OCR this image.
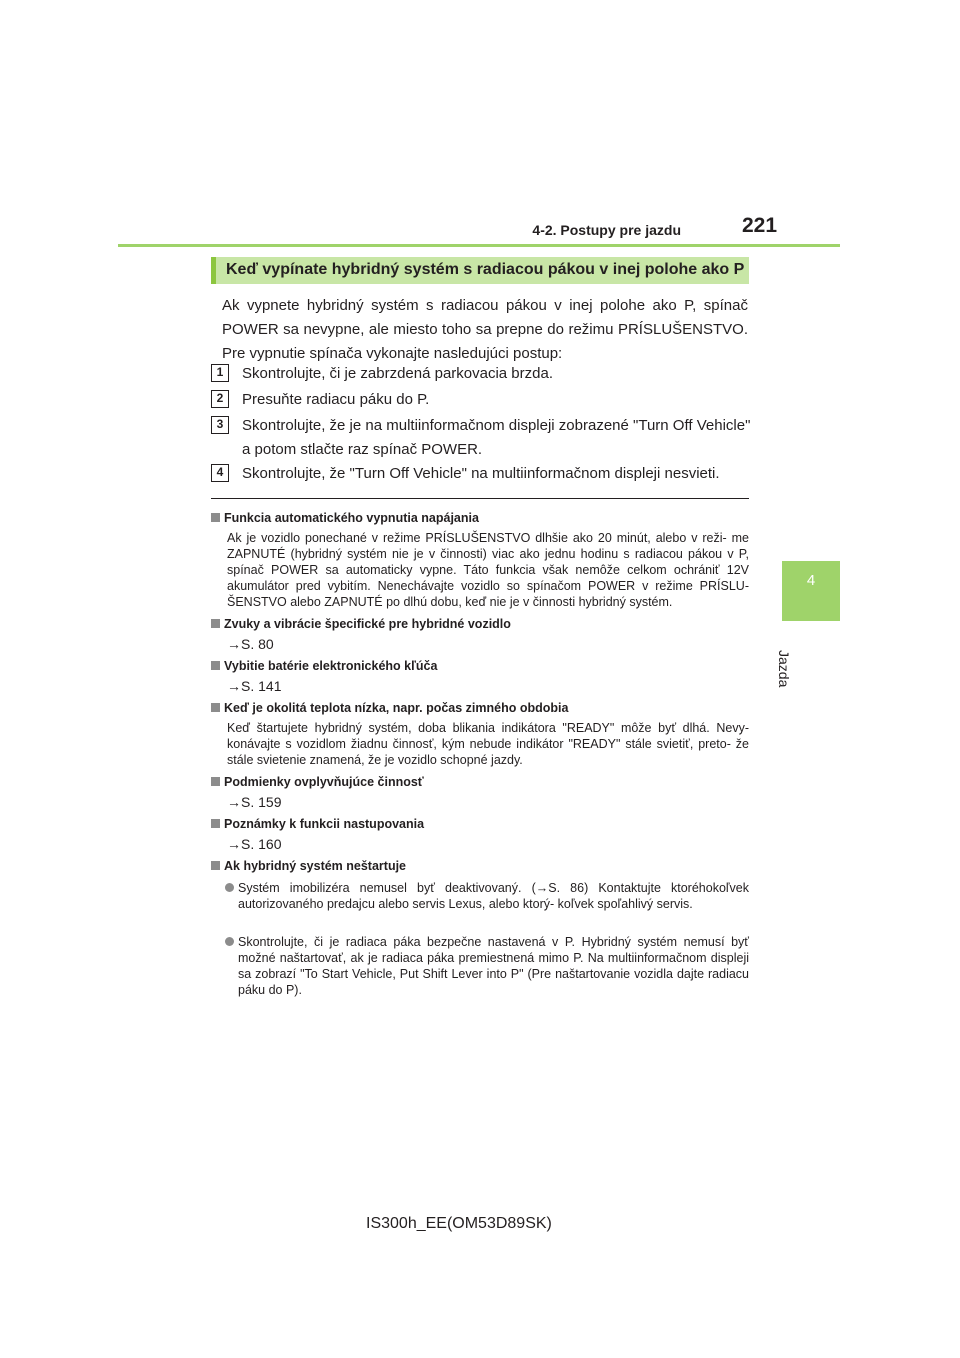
4-2. Postupy pre jazdu	221
4
Jazda
Keď vypínate hybridný systém s radiacou pákou v inej polohe ako P
Ak vypnete hybridný systém s radiacou pákou v inej polohe ako P, spínač POWER sa nevypne, ale miesto toho sa prepne do režimu PRÍSLUŠENSTVO. Pre vypnutie spínača vykonajte nasledujúci postup:
1	Skontrolujte, či je zabrzdená parkovacia brzda.
2	Presuňte radiacu páku do P.
3	Skontrolujte, že je na multiinformačnom displeji zobrazené "Turn Off Vehicle" a potom stlačte raz spínač POWER.
4	Skontrolujte, že "Turn Off Vehicle" na multiinformačnom displeji nesvieti.
Funkcia automatického vypnutia napájania
Ak je vozidlo ponechané v režime PRÍSLUŠENSTVO dlhšie ako 20 minút, alebo v reži- me ZAPNUTÉ (hybridný systém nie je v činnosti) viac ako jednu hodinu s radiacou pákou v P, spínač POWER sa automaticky vypne. Táto funkcia však nemôže celkom ochrániť 12V akumulátor pred vybitím. Nenechávajte vozidlo so spínačom POWER v režime PRÍSLU- ŠENSTVO alebo ZAPNUTÉ po dlhú dobu, keď nie je v činnosti hybridný systém.
Zvuky a vibrácie špecifické pre hybridné vozidlo
→S. 80
Vybitie batérie elektronického kľúča
→S. 141
Keď je okolitá teplota nízka, napr. počas zimného obdobia
Keď štartujete hybridný systém, doba blikania indikátora "READY" môže byť dlhá. Nevy- konávajte s vozidlom žiadnu činnosť, kým nebude indikátor "READY" stále svietiť, preto- že stále svietenie znamená, že je vozidlo schopné jazdy.
Podmienky ovplyvňujúce činnosť
→S. 159
Poznámky k funkcii nastupovania
→S. 160
Ak hybridný systém neštartuje
Systém imobilizéra nemusel byť deaktivovaný. (→S. 86) Kontaktujte ktoréhokoľvek autorizovaného predajcu alebo servis Lexus, alebo ktorý- koľvek spoľahlivý servis.
Skontrolujte, či je radiaca páka bezpečne nastavená v P. Hybridný systém nemusí byť možné naštartovať, ak je radiaca páka premiestnená mimo P. Na multiinformačnom displeji sa zobrazí "To Start Vehicle, Put Shift Lever into P" (Pre naštartovanie vozidla dajte radiacu páku do P).
IS300h_EE(OM53D89SK)
